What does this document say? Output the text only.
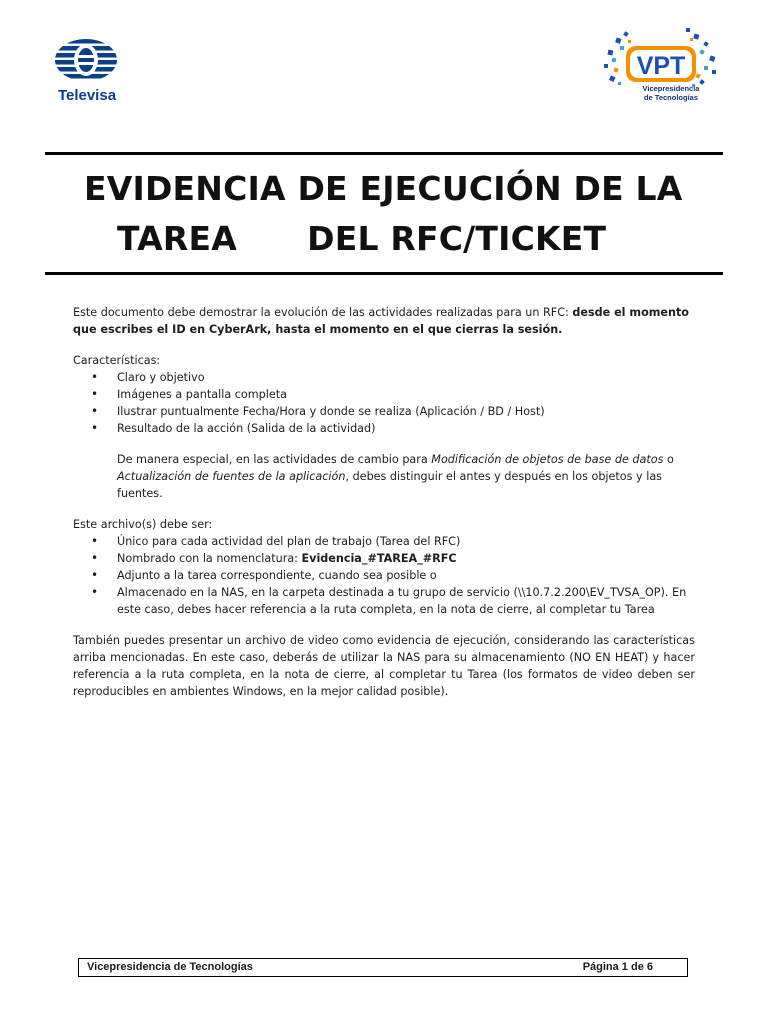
Televisa
VPT
Vicepresidencia
de Tecnologías
EVIDENCIA DE EJECUCIÓN DE LA
TAREA      DEL RFC/TICKET

Este documento debe demostrar la evolución de las actividades realizadas para un RFC: desde el momento que escribes el ID en CyberArk, hasta el momento en el que cierras la sesión.

Características:

• Claro y objetivo
• Imágenes a pantalla completa
• Ilustrar puntualmente Fecha/Hora y donde se realiza (Aplicación / BD / Host)
• Resultado de la acción (Salida de la actividad)

De manera especial, en las actividades de cambio para Modificación de objetos de base de datos o Actualización de fuentes de la aplicación, debes distinguir el antes y después en los objetos y las fuentes.

Este archivo(s) debe ser:

• Único para cada actividad del plan de trabajo (Tarea del RFC)
• Nombrado con la nomenclatura: Evidencia_#TAREA_#RFC
• Adjunto a la tarea correspondiente, cuando sea posible o
• Almacenado en la NAS, en la carpeta destinada a tu grupo de servicio (\\10.7.2.200\EV_TVSA_OP). En este caso, debes hacer referencia a la ruta completa, en la nota de cierre, al completar tu Tarea

También puedes presentar un archivo de video como evidencia de ejecución, considerando las características arriba mencionadas. En este caso, deberás de utilizar la NAS para su almacenamiento (NO EN HEAT) y hacer referencia a la ruta completa, en la nota de cierre, al completar tu Tarea (los formatos de video deben ser reproducibles en ambientes Windows, en la mejor calidad posible).

Vicepresidencia de Tecnologías	Página 1 de 6
